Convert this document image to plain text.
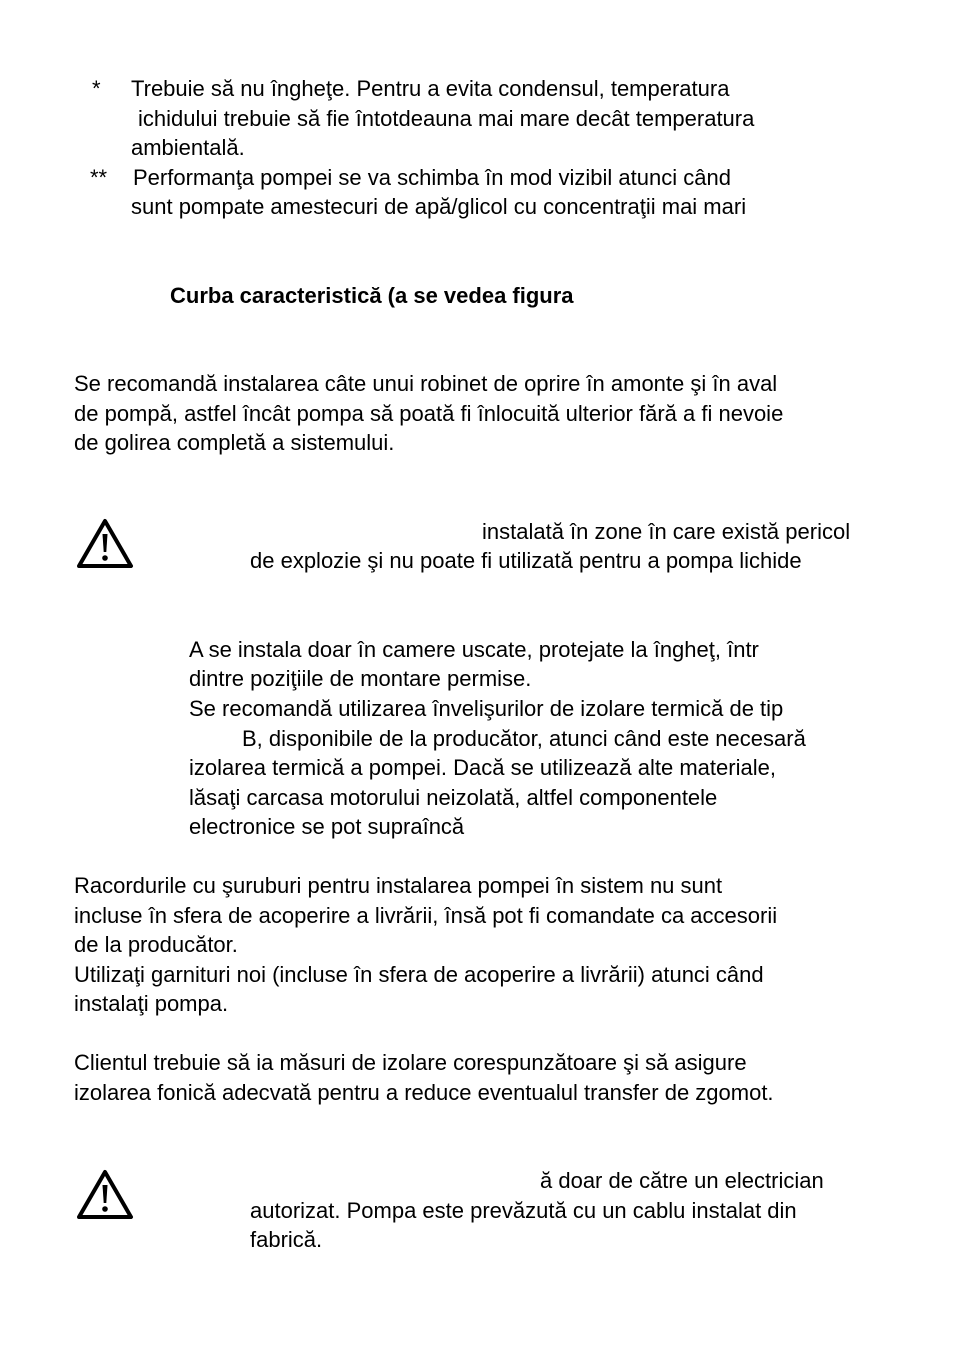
* Trebuie să nu îngheţe. Pentru a evita condensul, temperatura
ichidului trebuie să fie întotdeauna mai mare decât temperatura
ambientală.
** Performanţa pompei se va schimba în mod vizibil atunci când
sunt pompate amestecuri de apă/glicol cu concentraţii mai mari
Curba caracteristică (a se vedea figura
Se recomandă instalarea câte unui robinet de oprire în amonte şi în aval
de pompă, astfel încât pompa să poată fi înlocuită ulterior fără a fi nevoie
de golirea completă a sistemului.
instalată în zone în care există pericol
de explozie şi nu poate fi utilizată pentru a pompa lichide
A se instala doar în camere uscate, protejate la îngheţ, într
dintre poziţiile de montare permise.
Se recomandă utilizarea învelişurilor de izolare termică de tip
B, disponibile de la producător, atunci când este necesară
izolarea termică a pompei. Dacă se utilizează alte materiale,
lăsaţi carcasa motorului neizolată, altfel componentele
electronice se pot supraîncă
Racordurile cu şuruburi pentru instalarea pompei în sistem nu sunt
incluse în sfera de acoperire a livrării, însă pot fi comandate ca accesorii
de la producător.
Utilizaţi garnituri noi (incluse în sfera de acoperire a livrării) atunci când
instalaţi pompa.
Clientul trebuie să ia măsuri de izolare corespunzătoare şi să asigure
izolarea fonică adecvată pentru a reduce eventualul transfer de zgomot.
ă doar de către un electrician
autorizat. Pompa este prevăzută cu un cablu instalat din
fabrică.
